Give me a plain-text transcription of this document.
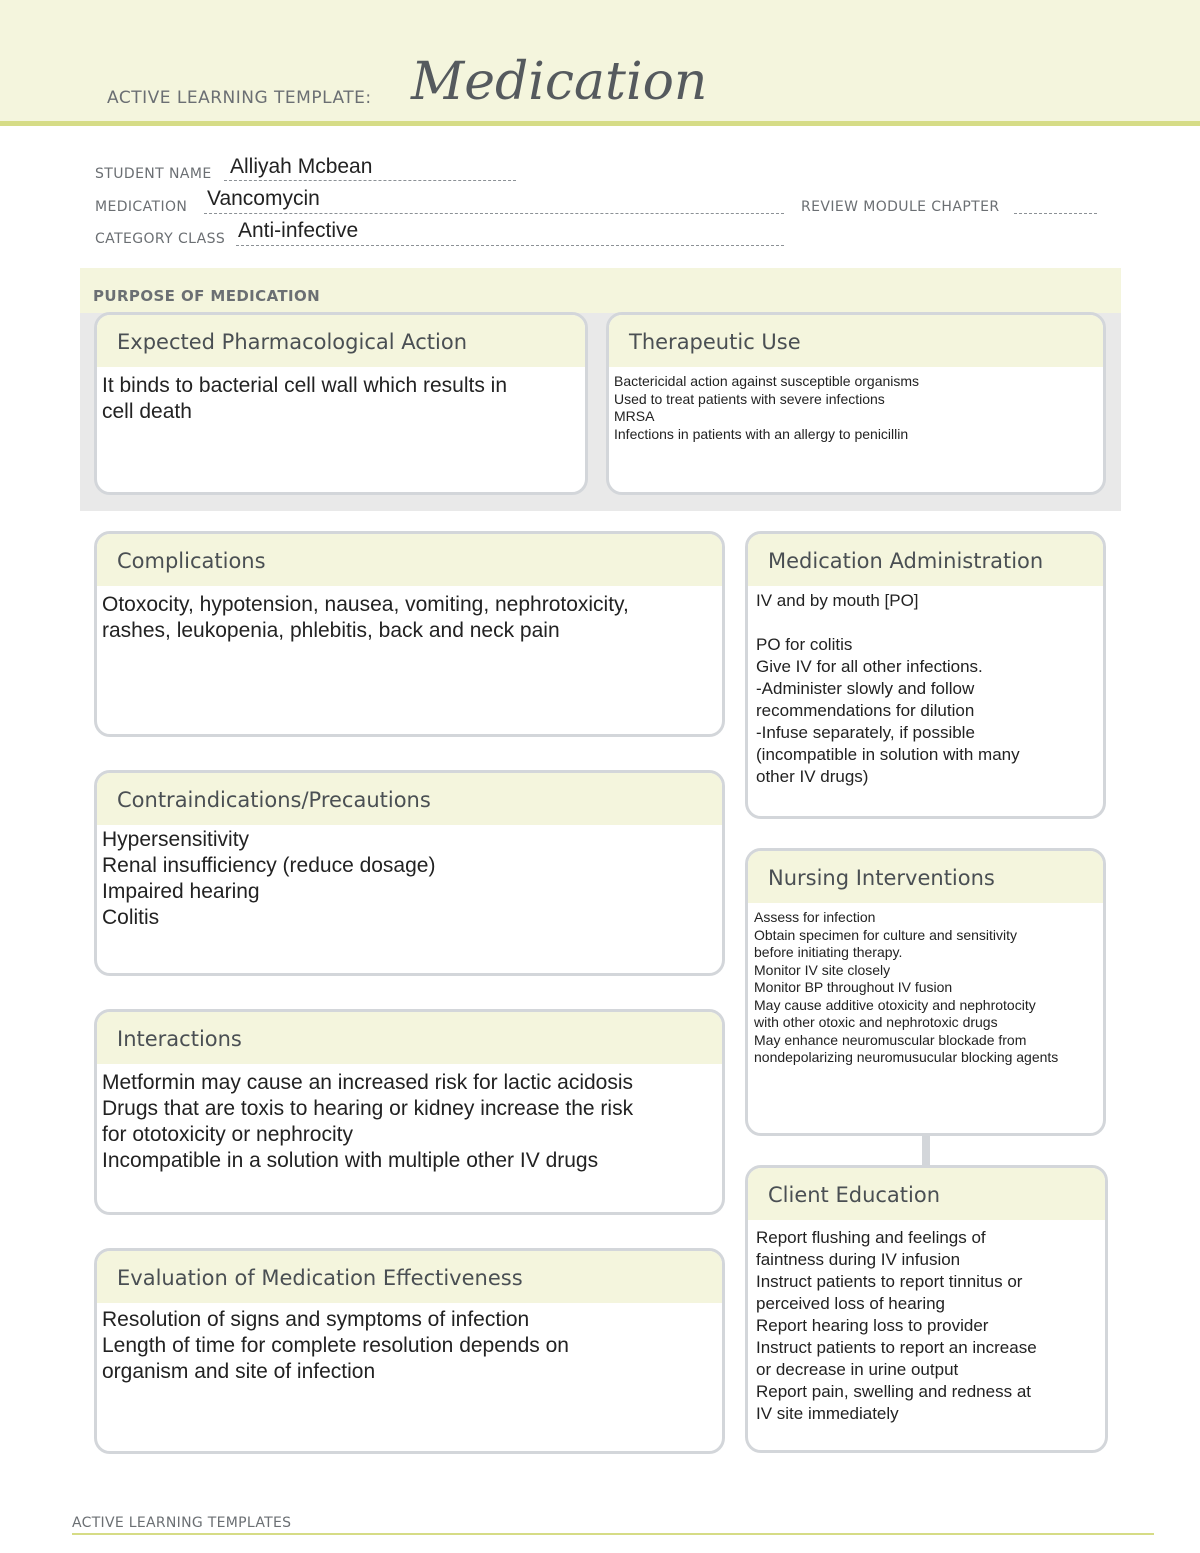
ACTIVE LEARNING TEMPLATE: Medication
STUDENT NAME Alliyah Mcbean
MEDICATION Vancomycin	REVIEW MODULE CHAPTER
CATEGORY CLASS Anti-infective
PURPOSE OF MEDICATION
Expected Pharmacological Action
It binds to bacterial cell wall which results in
cell death
Therapeutic Use
Bactericidal action against susceptible organisms
Used to treat patients with severe infections
MRSA
Infections in patients with an allergy to penicillin
Complications
Otoxocity, hypotension, nausea, vomiting, nephrotoxicity,
rashes, leukopenia, phlebitis, back and neck pain
Medication Administration
IV and by mouth [PO]

PO for colitis
Give IV for all other infections.
-Administer slowly and follow
recommendations for dilution
-Infuse separately, if possible
(incompatible in solution with many
other IV drugs)
Contraindications/Precautions
Hypersensitivity
Renal insufficiency (reduce dosage)
Impaired hearing
Colitis
Nursing Interventions
Assess for infection
Obtain specimen for culture and sensitivity
before initiating therapy.
Monitor IV site closely
Monitor BP throughout IV fusion
May cause additive otoxicity and nephrotocity
with other otoxic and nephrotoxic drugs
May enhance neuromuscular blockade from
nondepolarizing neuromusucular blocking agents
Interactions
Metformin may cause an increased risk for lactic acidosis
Drugs that are toxis to hearing or kidney increase the risk
for ototoxicity or nephrocity
Incompatible in a solution with multiple other IV drugs
Client Education
Report flushing and feelings of
faintness during IV infusion
Instruct patients to report tinnitus or
perceived loss of hearing
Report hearing loss to provider
Instruct patients to report an increase
or decrease in urine output
Report pain, swelling and redness at
IV site immediately
Evaluation of Medication Effectiveness
Resolution of signs and symptoms of infection
Length of time for complete resolution depends on
organism and site of infection
ACTIVE LEARNING TEMPLATES
